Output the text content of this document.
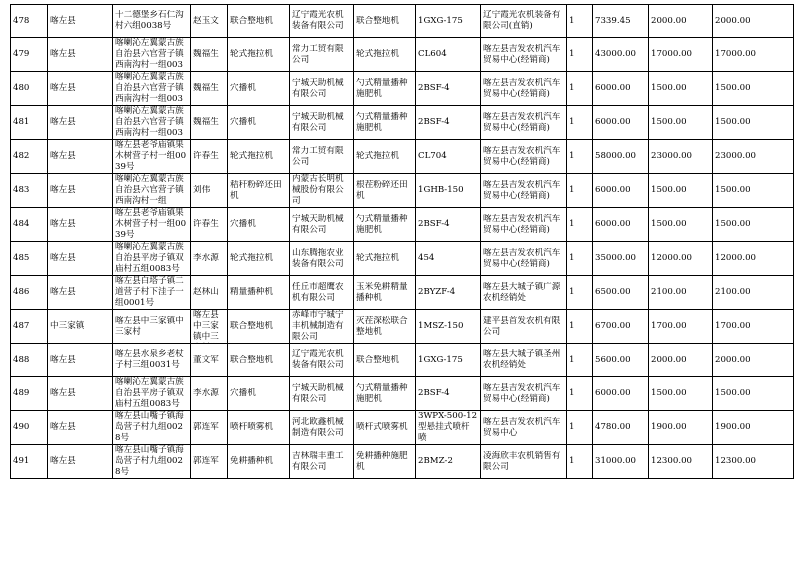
478	喀左县	十二德堡乡石仁沟村六组0038号	赵玉文	联合整地机	辽宁霞光农机装备有限公司	联合整地机	1GXG-175	辽宁霞光农机装备有限公司(直销)	1	7339.45	2000.00	2000.00
479	喀左县	喀喇沁左翼蒙古族自治县六官营子镇西南沟村一组003	魏福生	轮式拖拉机	常力工贸有限公司	轮式拖拉机	CL604	喀左县吉发农机汽车贸易中心(经销商)	1	43000.00	17000.00	17000.00
480	喀左县	喀喇沁左翼蒙古族自治县六官营子镇西南沟村一组003	魏福生	穴播机	宁城天助机械有限公司	勺式精量播种施肥机	2BSF-4	喀左县吉发农机汽车贸易中心(经销商)	1	6000.00	1500.00	1500.00
481	喀左县	喀喇沁左翼蒙古族自治县六官营子镇西南沟村一组003	魏福生	穴播机	宁城天助机械有限公司	勺式精量播种施肥机	2BSF-4	喀左县吉发农机汽车贸易中心(经销商)	1	6000.00	1500.00	1500.00
482	喀左县	喀左县老爷庙镇果木树营子村一组0039号	许春生	轮式拖拉机	常力工贸有限公司	轮式拖拉机	CL704	喀左县吉发农机汽车贸易中心(经销商)	1	58000.00	23000.00	23000.00
483	喀左县	喀喇沁左翼蒙古族自治县六官营子镇西南沟村一组	刘伟	秸秆粉碎还田机	内蒙古长明机械股份有限公司	根茬粉碎还田机	1GHB-150	喀左县吉发农机汽车贸易中心(经销商)	1	6000.00	1500.00	1500.00
484	喀左县	喀左县老爷庙镇果木树营子村一组0039号	许春生	穴播机	宁城天助机械有限公司	勺式精量播种施肥机	2BSF-4	喀左县吉发农机汽车贸易中心(经销商)	1	6000.00	1500.00	1500.00
485	喀左县	喀喇沁左翼蒙古族自治县平房子镇双庙村五组0083号	李水源	轮式拖拉机	山东腾拖农业装备有限公司	轮式拖拉机	454	喀左县吉发农机汽车贸易中心(经销商)	1	35000.00	12000.00	12000.00
486	喀左县	喀左县白塔子镇二道营子村下洼子一组0001号	赵林山	精量播种机	任丘市超鹰农机有限公司	玉米免耕精量播种机	2BYZF-4	喀左县大城子镇广源农机经销处	1	6500.00	2100.00	2100.00
487	中三家镇	喀左县中三家镇中三家村	喀左县中三家镇中三	联合整地机	赤峰市宁城宁丰机械制造有限公司	灭茬深松联合整地机	1MSZ-150	建平县首发农机有限公司	1	6700.00	1700.00	1700.00
488	喀左县	喀左县水泉乡老杖子村三组0031号	董文军	联合整地机	辽宁霞光农机装备有限公司	联合整地机	1GXG-175	喀左县大城子镇圣州农机经销处	1	5600.00	2000.00	2000.00
489	喀左县	喀喇沁左翼蒙古族自治县平房子镇双庙村五组0083号	李水源	穴播机	宁城天助机械有限公司	勺式精量播种施肥机	2BSF-4	喀左县吉发农机汽车贸易中心(经销商)	1	6000.00	1500.00	1500.00
490	喀左县	喀左县山嘴子镇海岛营子村九组0028号	郭连军	喷杆喷雾机	河北欧鑫机械制造有限公司	喷杆式喷雾机	3WPX-500-12型悬挂式喷杆喷	喀左县吉发农机汽车贸易中心	1	4780.00	1900.00	1900.00
491	喀左县	喀左县山嘴子镇海岛营子村九组0028号	郭连军	免耕播种机	吉林瑞丰重工有限公司	免耕播种施肥机	2BMZ-2	凌海欣丰农机销售有限公司	1	31000.00	12300.00	12300.00
